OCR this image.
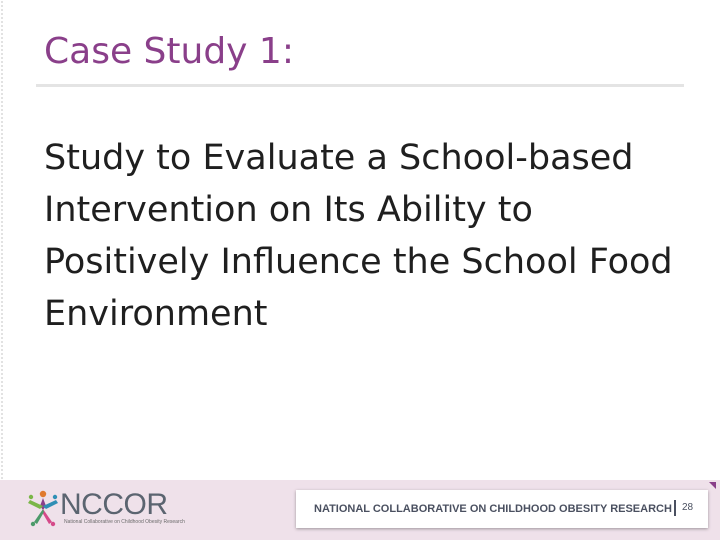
Case Study 1:

Study to Evaluate a School-based Intervention on Its Ability to Positively Influence the School Food Environment

NCCOR
National Collaborative on Childhood Obesity Research
NATIONAL COLLABORATIVE ON CHILDHOOD OBESITY RESEARCH 28
